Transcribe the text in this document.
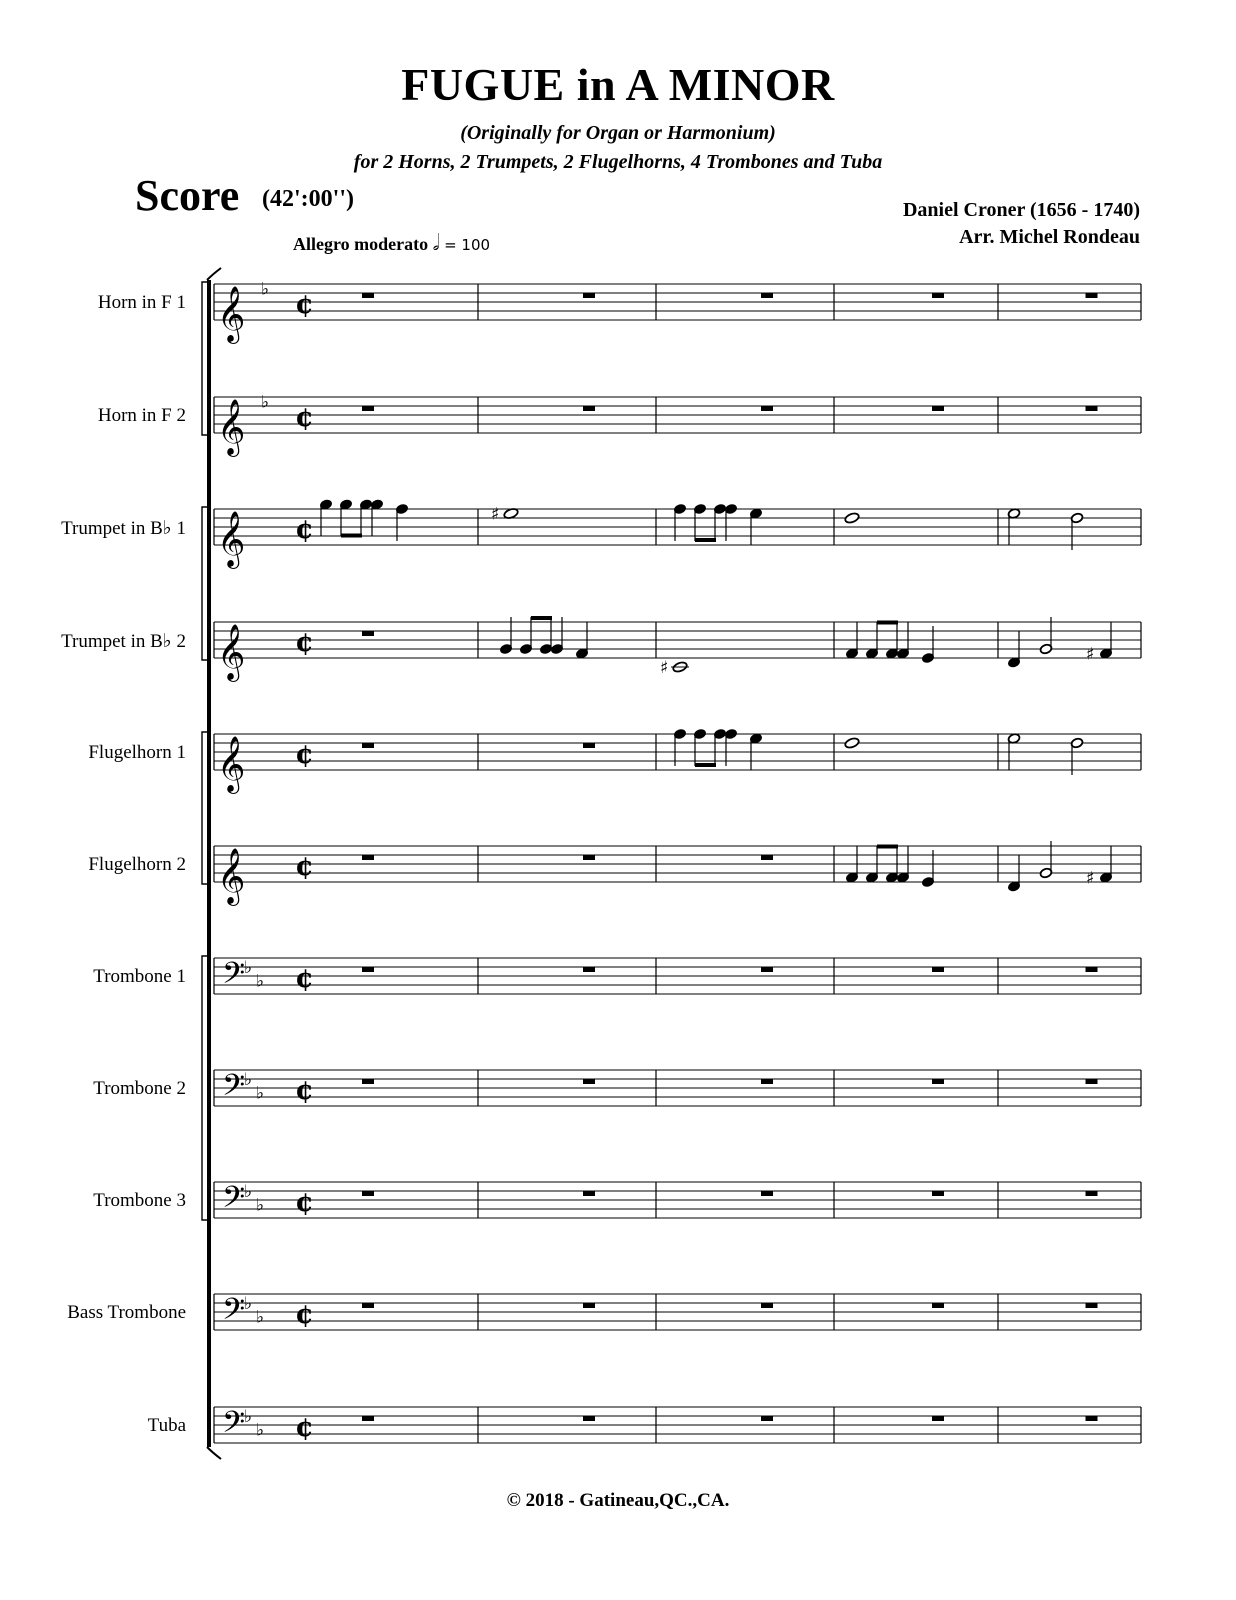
FUGUE in A MINOR
(Originally for Organ or Harmonium)
for 2 Horns, 2 Trumpets, 2 Flugelhorns, 4 Trombones and Tuba
Score (42':00'')	Daniel Croner (1656 - 1740)
Arr. Michel Rondeau
Allegro moderato 𝅗𝅥 = 100
Horn in F 1
Horn in F 2
Trumpet in B♭ 1
Trumpet in B♭ 2
Flugelhorn 1
Flugelhorn 2
Trombone 1
Trombone 2
Trombone 3
Bass Trombone
Tuba
𝄞 ♭ ¢
𝄞 ♭ ¢
𝄞 ¢
𝄞 ¢
𝄞 ¢
𝄞 ¢
𝄢
♭
♭ ¢
𝄢
♭
♭ ¢
𝄢
♭
♭ ¢
𝄢
♭
♭ ¢
𝄢
♭
♭ ¢
♯
♯
♯
♯
© 2018 - Gatineau,QC.,CA.
